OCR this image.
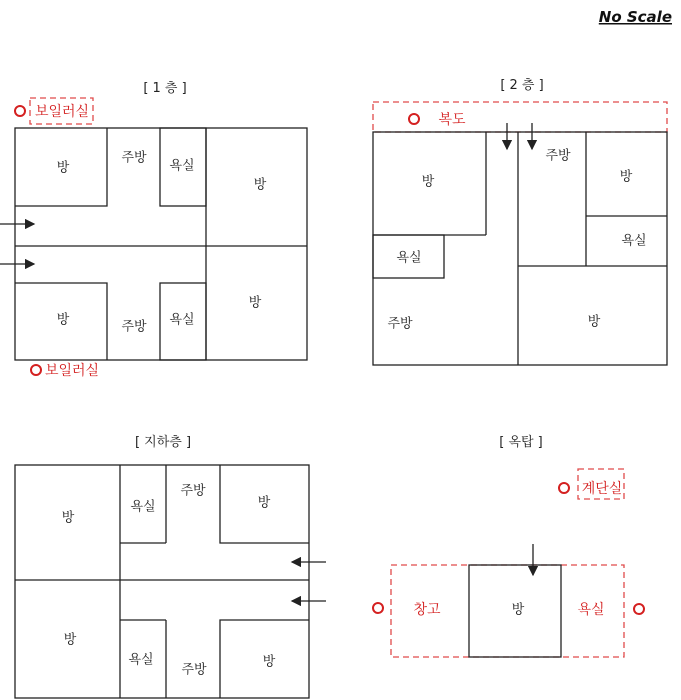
No Scale
[ 1 층 ]
보일러실
보일러실
방
주방
욕실
방
방	주방 욕실
방
[ 2 층 ]
복도
방
욕실
주방
주방
방
욕실
방
[ 지하층 ]
방
욕실
주방
방
방
욕실
주방
방
[ 옥탑 ]
계단실
창고	욕실
방
